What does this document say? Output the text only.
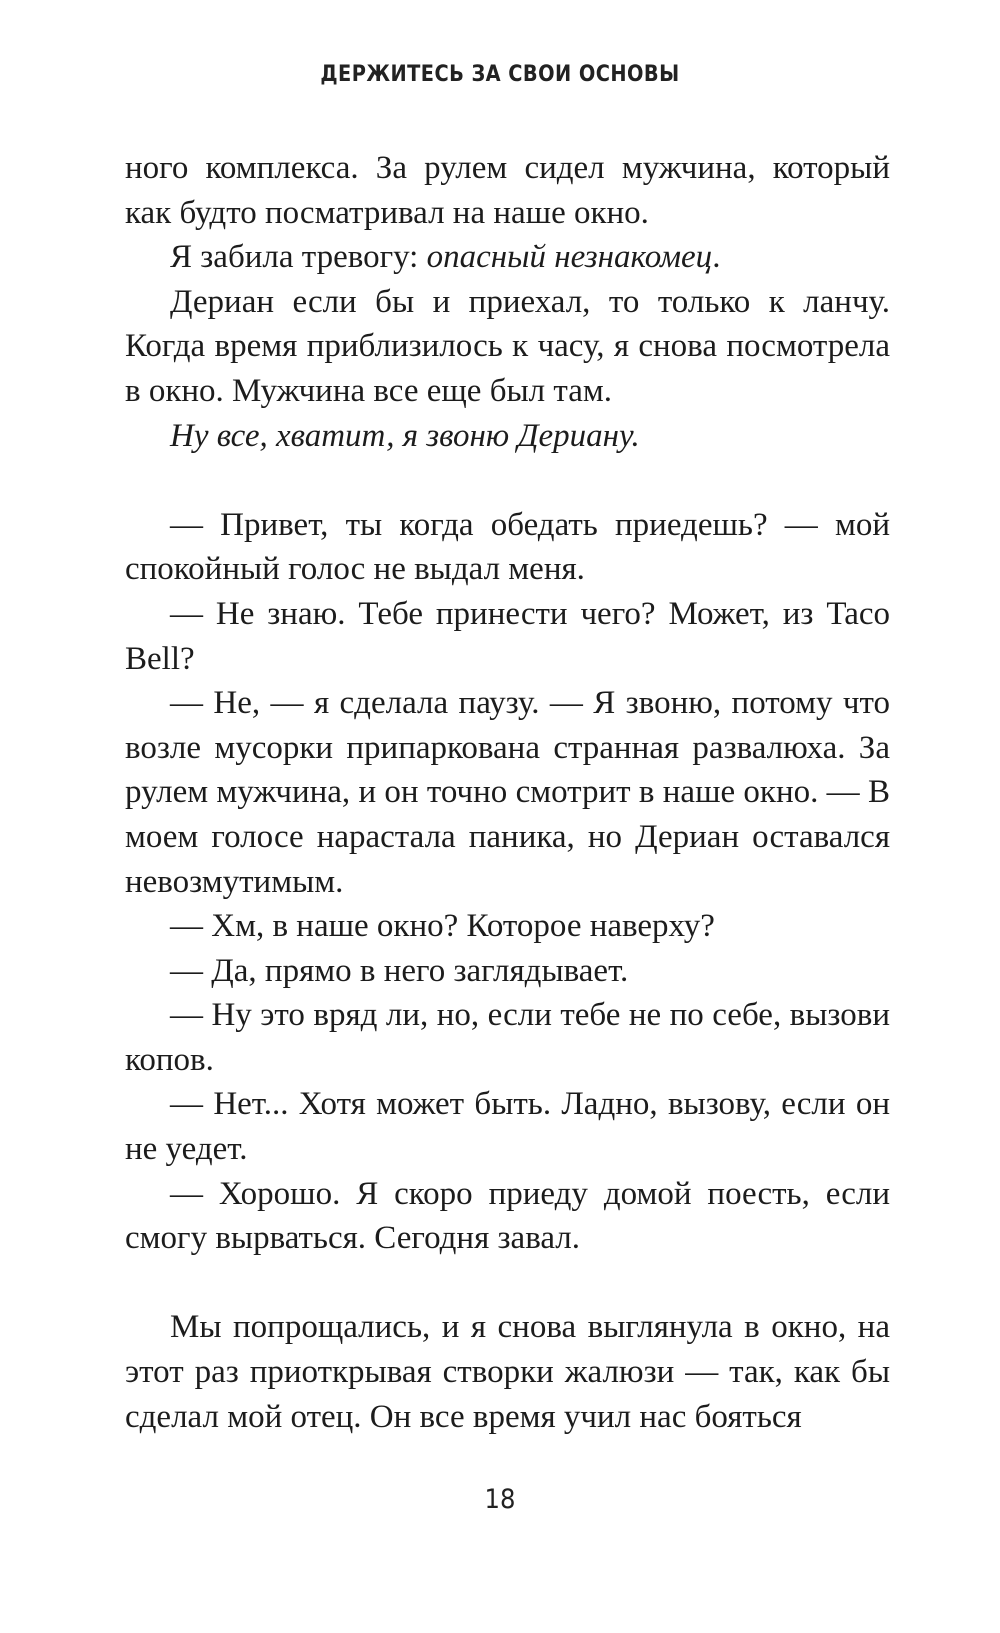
ДЕРЖИТЕСЬ ЗА СВОИ ОСНОВЫ

ного комплекса. За рулем сидел мужчина, который как будто посматривал на наше окно.

Я забила тревогу: опасный незнакомец.

Дериан если бы и приехал, то только к ланчу. Когда время приблизилось к часу, я снова посмотрела в окно. Мужчина все еще был там.

Ну все, хватит, я звоню Дериану.

— Привет, ты когда обедать приедешь? — мой спокойный голос не выдал меня.

— Не знаю. Тебе принести чего? Может, из Taco Bell?

— Не, — я сделала паузу. — Я звоню, потому что возле мусорки припаркована странная развалюха. За рулем мужчина, и он точно смотрит в наше окно. — В моем голосе нарастала паника, но Дериан оставался невозмутимым.

— Хм, в наше окно? Которое наверху?

— Да, прямо в него заглядывает.

— Ну это вряд ли, но, если тебе не по себе, вызови копов.

— Нет... Хотя может быть. Ладно, вызову, если он не уедет.

— Хорошо. Я скоро приеду домой поесть, если смогу вырваться. Сегодня завал.

Мы попрощались, и я снова выглянула в окно, на этот раз приоткрывая створки жалюзи — так, как бы сделал мой отец. Он все время учил нас бояться

18
